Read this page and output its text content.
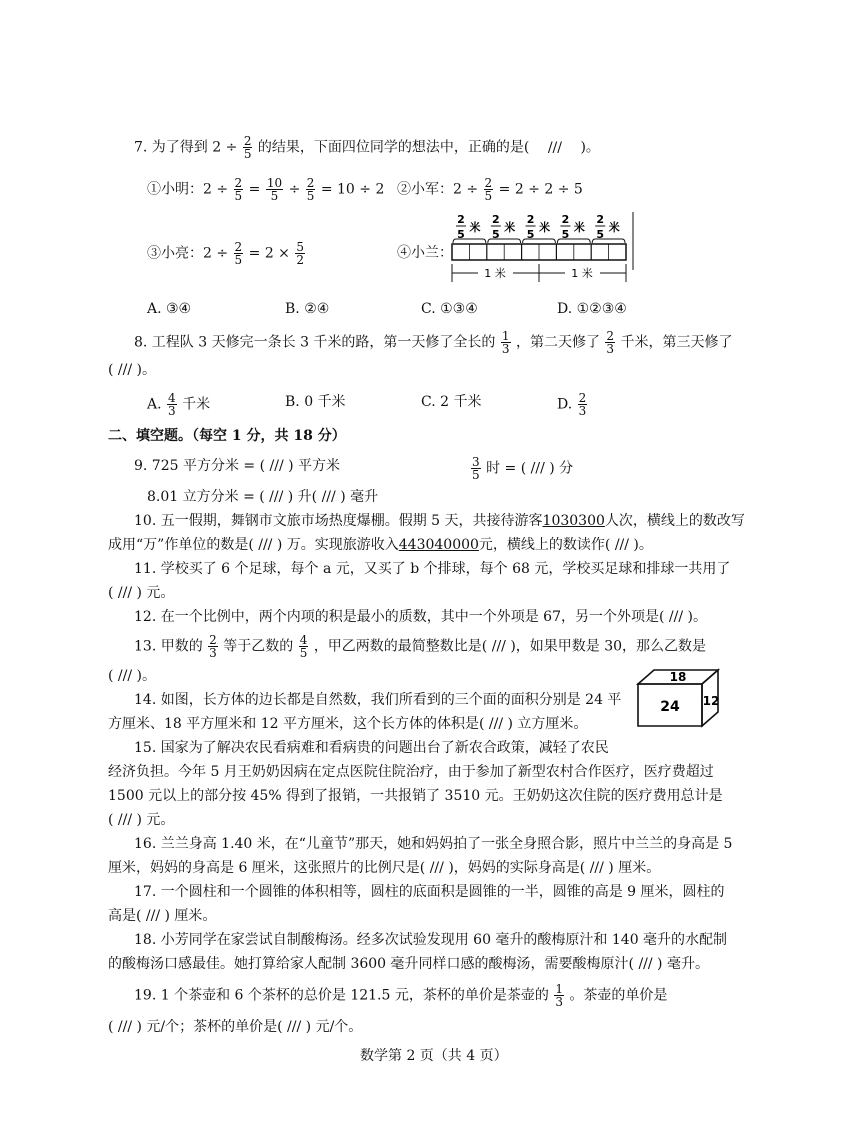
7. 为了得到 $2 \div \frac{2}{5}$ 的结果，下面四位同学的想法中，正确的是( /// )。
①小明：$2 \div \frac{2}{5} = \frac{10}{5} \div \frac{2}{5} = 10 \div 2$ ②小军：$2 \div \frac{2}{5} = 2 \div 2 \div 5$
③小亮：$2 \div \frac{2}{5} = 2 \times \frac{5}{2}$	④小兰：
2
5
米
2
5
米
2
5
米
2
5
米
2
5
米
1 米	1 米
A. ③④	B. ②④	C. ①③④	D. ①②③④
8. 工程队 3 天修完一条长 3 千米的路，第一天修了全长的 $\frac{1}{3}$ ，第二天修了 $\frac{2}{3}$ 千米，第三天修了
( /// )。
A. $\frac{4}{3}$ 千米	B. 0 千米	C. 2 千米	D. $\frac{2}{3}$
二、填空题。（每空 1 分，共 18 分）
9. 725 平方分米 = ( /// ) 平方米	$\frac{3}{5}$ 时 = ( /// ) 分
8.01 立方分米 = ( /// ) 升( /// ) 毫升
10. 五一假期，舞钢市文旅市场热度爆棚。假期 5 天，共接待游客1030300人次，横线上的数改写
成用“万”作单位的数是( /// ) 万。实现旅游收入443040000元，横线上的数读作( /// )。
11. 学校买了 6 个足球，每个 a 元，又买了 b 个排球，每个 68 元，学校买足球和排球一共用了
( /// ) 元。
12. 在一个比例中，两个内项的积是最小的质数，其中一个外项是 67，另一个外项是( /// )。
13. 甲数的 $\frac{2}{3}$ 等于乙数的 $\frac{4}{5}$ ，甲乙两数的最简整数比是( /// )，如果甲数是 30，那么乙数是
( /// )。
24
18
12
14. 如图，长方体的边长都是自然数，我们所看到的三个面的面积分别是 24 平
方厘米、18 平方厘米和 12 平方厘米，这个长方体的体积是( /// ) 立方厘米。
15. 国家为了解决农民看病难和看病贵的问题出台了新农合政策，减轻了农民
经济负担。今年 5 月王奶奶因病在定点医院住院治疗，由于参加了新型农村合作医疗，医疗费超过
1500 元以上的部分按 45% 得到了报销，一共报销了 3510 元。王奶奶这次住院的医疗费用总计是
( /// ) 元。
16. 兰兰身高 1.40 米，在“儿童节”那天，她和妈妈拍了一张全身照合影，照片中兰兰的身高是 5
厘米，妈妈的身高是 6 厘米，这张照片的比例尺是( /// )，妈妈的实际身高是( /// ) 厘米。
17. 一个圆柱和一个圆锥的体积相等，圆柱的底面积是圆锥的一半，圆锥的高是 9 厘米，圆柱的
高是( /// ) 厘米。
18. 小芳同学在家尝试自制酸梅汤。经多次试验发现用 60 毫升的酸梅原汁和 140 毫升的水配制
的酸梅汤口感最佳。她打算给家人配制 3600 毫升同样口感的酸梅汤，需要酸梅原汁( /// ) 毫升。
19. 1 个茶壶和 6 个茶杯的总价是 121.5 元，茶杯的单价是茶壶的 $\frac{1}{3}$ 。茶壶的单价是
( /// ) 元/个；茶杯的单价是( /// ) 元/个。
数学第 2 页（共 4 页）
